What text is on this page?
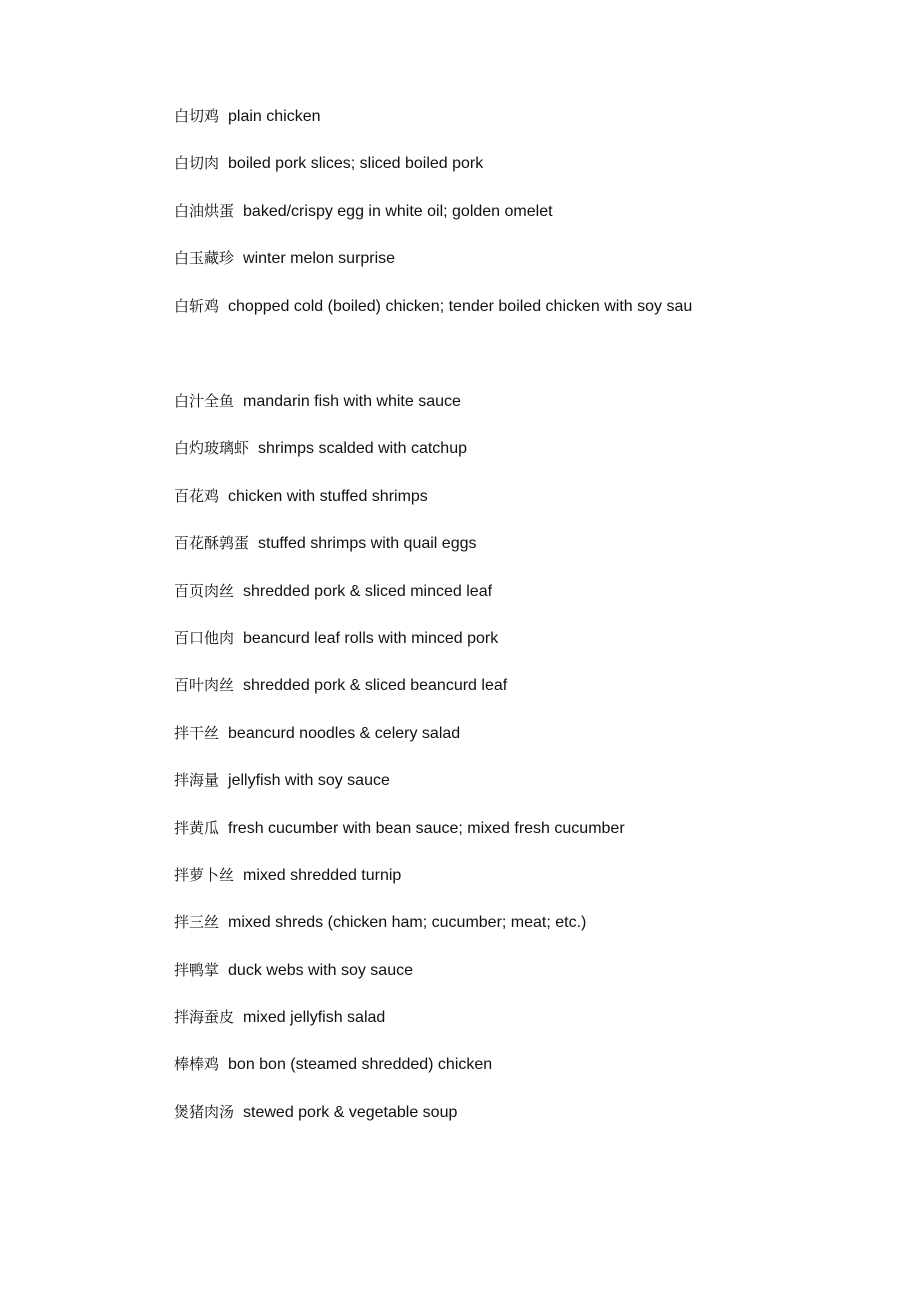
白切鸡 plain chicken
白切肉 boiled pork slices; sliced boiled pork
白油烘蛋 baked/crispy egg in white oil; golden omelet
白玉藏珍 winter melon surprise
白斩鸡 chopped cold (boiled) chicken; tender boiled chicken with soy sau
白汁全鱼 mandarin fish with white sauce
白灼玻璃虾 shrimps scalded with catchup
百花鸡 chicken with stuffed shrimps
百花酥鹑蛋 stuffed shrimps with quail eggs
百页肉丝 shredded pork & sliced minced leaf
百口他肉 beancurd leaf rolls with minced pork
百叶肉丝 shredded pork & sliced beancurd leaf
拌干丝 beancurd noodles & celery salad
拌海量 jellyfish with soy sauce
拌黄瓜 fresh cucumber with bean sauce; mixed fresh cucumber
拌萝卜丝 mixed shredded turnip
拌三丝 mixed shreds (chicken ham; cucumber; meat; etc.)
拌鸭掌 duck webs with soy sauce
拌海蚕皮 mixed jellyfish salad
棒棒鸡 bon bon (steamed shredded) chicken
煲猪肉汤 stewed pork & vegetable soup
